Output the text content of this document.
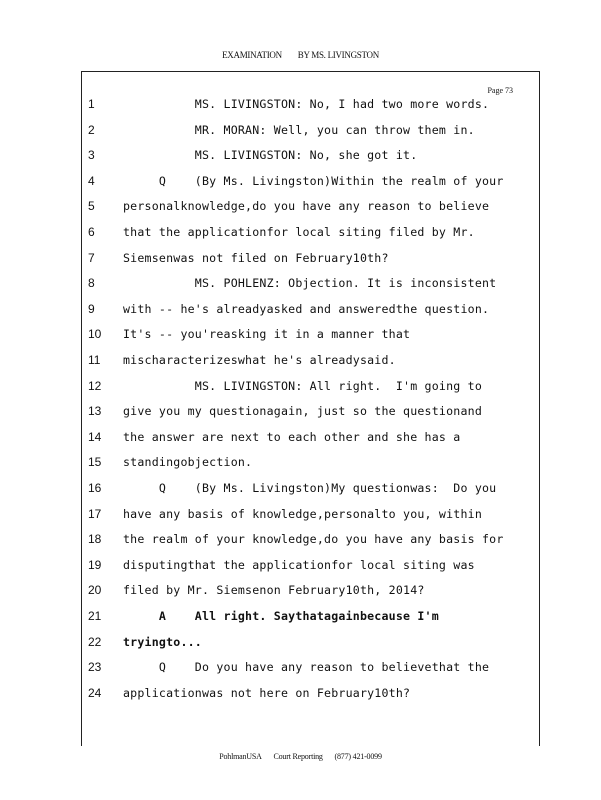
EXAMINATION BY MS. LIVINGSTON
Page 73
1	MS. LIVINGSTON: No, I had two more words.
2	MR. MORAN: Well, you can throw them in.
3	MS. LIVINGSTON: No, she got it.
4	Q    (By Ms. Livingston)Within the realm of your
5	personalknowledge,do you have any reason to believe
6	that the applicationfor local siting filed by Mr.
7	Siemsenwas not filed on February10th?
8	MS. POHLENZ: Objection. It is inconsistent
9	with -- he's alreadyasked and answeredthe question.
10	It's -- you'reasking it in a manner that
11	mischaracterizeswhat he's alreadysaid.
12	MS. LIVINGSTON: All right.  I'm going to
13	give you my questionagain, just so the questionand
14	the answer are next to each other and she has a
15	standingobjection.
16	Q    (By Ms. Livingston)My questionwas:  Do you
17	have any basis of knowledge,personalto you, within
18	the realm of your knowledge,do you have any basis for
19	disputingthat the applicationfor local siting was
20	filed by Mr. Siemsenon February10th, 2014?
21	A    All right. Saythatagainbecause I'm
22	tryingto...
23	Q    Do you have any reason to believethat the
24	applicationwas not here on February10th?
PohlmanUSA Court Reporting (877) 421-0099
